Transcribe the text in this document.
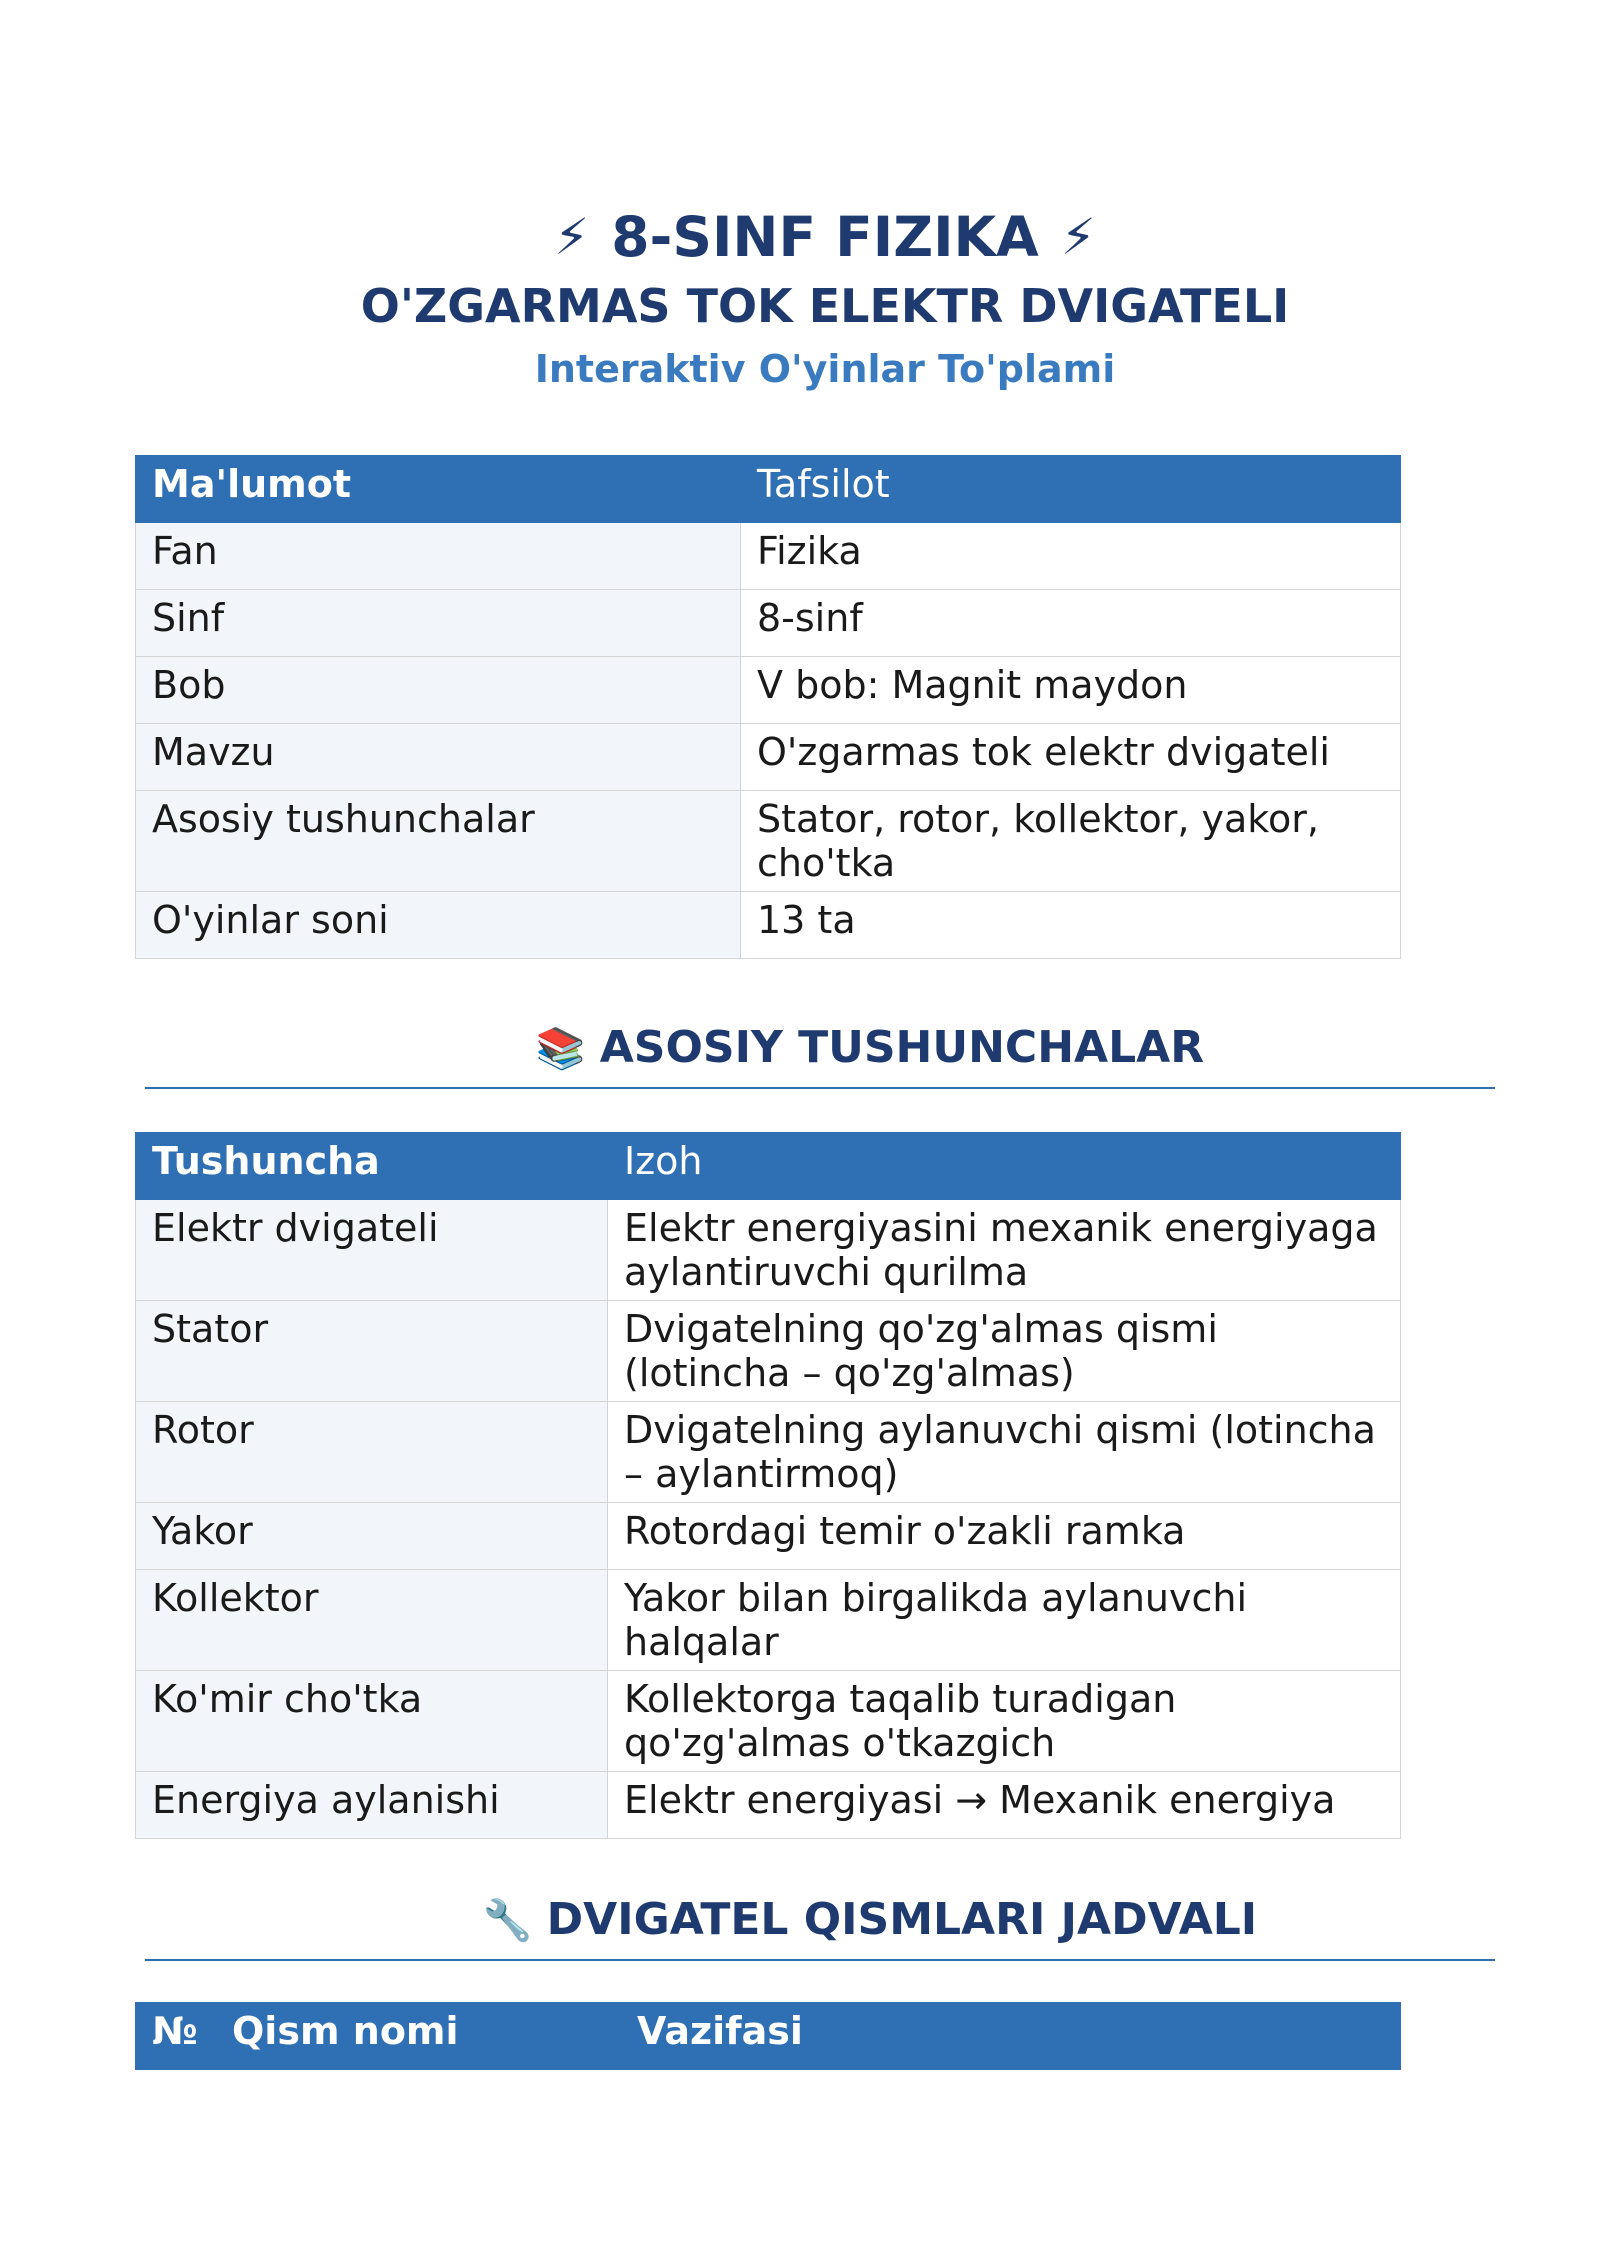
⚡ 8-SINF FIZIKA ⚡
O'ZGARMAS TOK ELEKTR DVIGATELI
Interaktiv O'yinlar To'plami
Ma'lumot	Tafsilot
Fan	Fizika
Sinf	8-sinf
Bob	V bob: Magnit maydon
Mavzu	O'zgarmas tok elektr dvigateli
Asosiy tushunchalar	Stator, rotor, kollektor, yakor, cho'tka
O'yinlar soni	13 ta
📚 ASOSIY TUSHUNCHALAR
Tushuncha	Izoh
Elektr dvigateli	Elektr energiyasini mexanik energiyaga aylantiruvchi qurilma
Stator	Dvigatelning qo'zg'almas qismi (lotincha – qo'zg'almas)
Rotor	Dvigatelning aylanuvchi qismi (lotincha – aylantirmoq)
Yakor	Rotordagi temir o'zakli ramka
Kollektor	Yakor bilan birgalikda aylanuvchi halqalar
Ko'mir cho'tka	Kollektorga taqalib turadigan qo'zg'almas o'tkazgich
Energiya aylanishi	Elektr energiyasi → Mexanik energiya
🔧 DVIGATEL QISMLARI JADVALI
№	Qism nomi	Vazifasi
